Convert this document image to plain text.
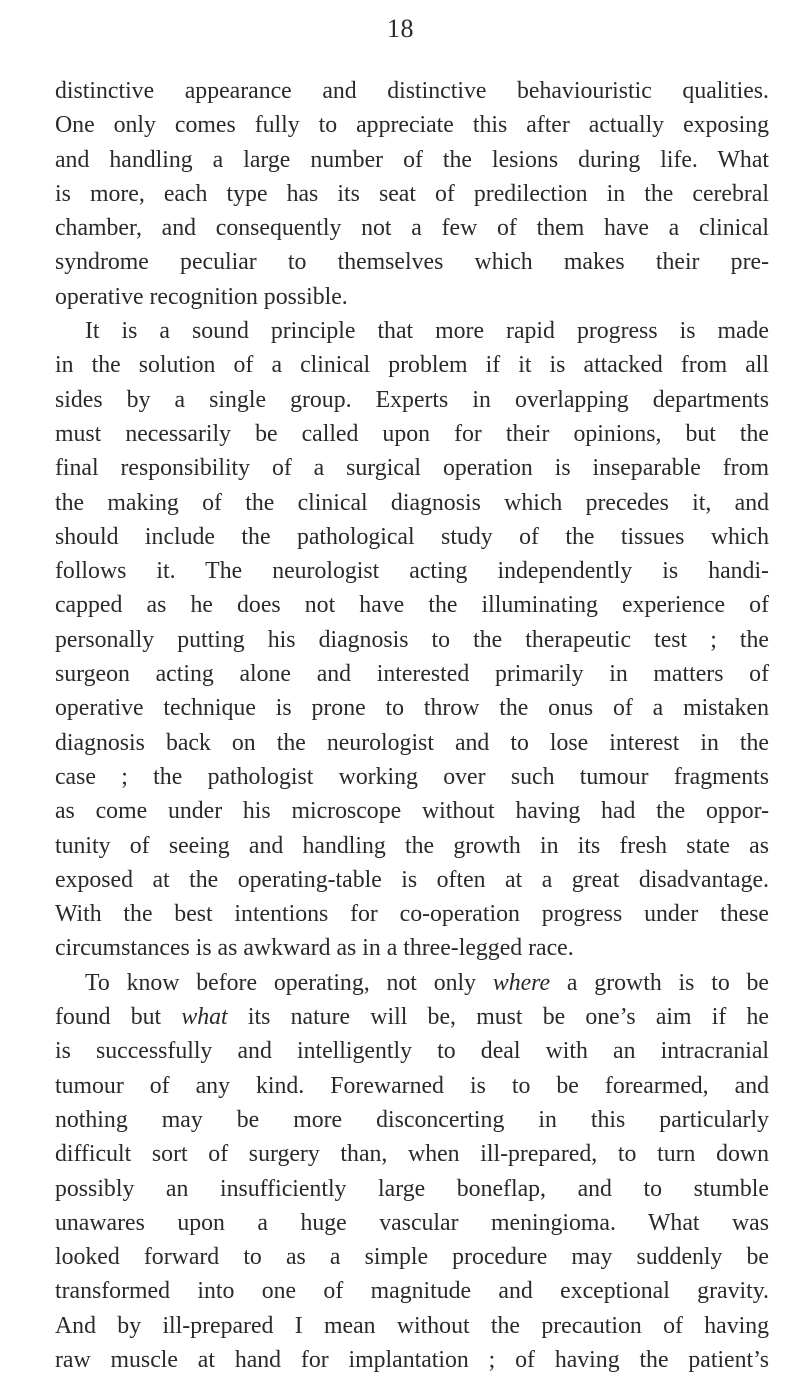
18
distinctive appearance and distinctive behaviouristic qualities.
One only comes fully to appreciate this after actually exposing
and handling a large number of the lesions during life. What
is more, each type has its seat of predilection in the cerebral
chamber, and consequently not a few of them have a clinical
syndrome peculiar to themselves which makes their pre-
operative recognition possible.
It is a sound principle that more rapid progress is made
in the solution of a clinical problem if it is attacked from all
sides by a single group. Experts in overlapping departments
must necessarily be called upon for their opinions, but the
final responsibility of a surgical operation is inseparable from
the making of the clinical diagnosis which precedes it, and
should include the pathological study of the tissues which
follows it. The neurologist acting independently is handi-
capped as he does not have the illuminating experience of
personally putting his diagnosis to the therapeutic test ; the
surgeon acting alone and interested primarily in matters of
operative technique is prone to throw the onus of a mistaken
diagnosis back on the neurologist and to lose interest in the
case ; the pathologist working over such tumour fragments
as come under his microscope without having had the oppor-
tunity of seeing and handling the growth in its fresh state as
exposed at the operating-table is often at a great disadvantage.
With the best intentions for co-operation progress under these
circumstances is as awkward as in a three-legged race.
To know before operating, not only where a growth is to be
found but what its nature will be, must be one’s aim if he
is successfully and intelligently to deal with an intracranial
tumour of any kind. Forewarned is to be forearmed, and
nothing may be more disconcerting in this particularly
difficult sort of surgery than, when ill-prepared, to turn down
possibly an insufficiently large boneflap, and to stumble
unawares upon a huge vascular meningioma. What was
looked forward to as a simple procedure may suddenly be
transformed into one of magnitude and exceptional gravity.
And by ill-prepared I mean without the precaution of having
raw muscle at hand for implantation ; of having the patient’s
